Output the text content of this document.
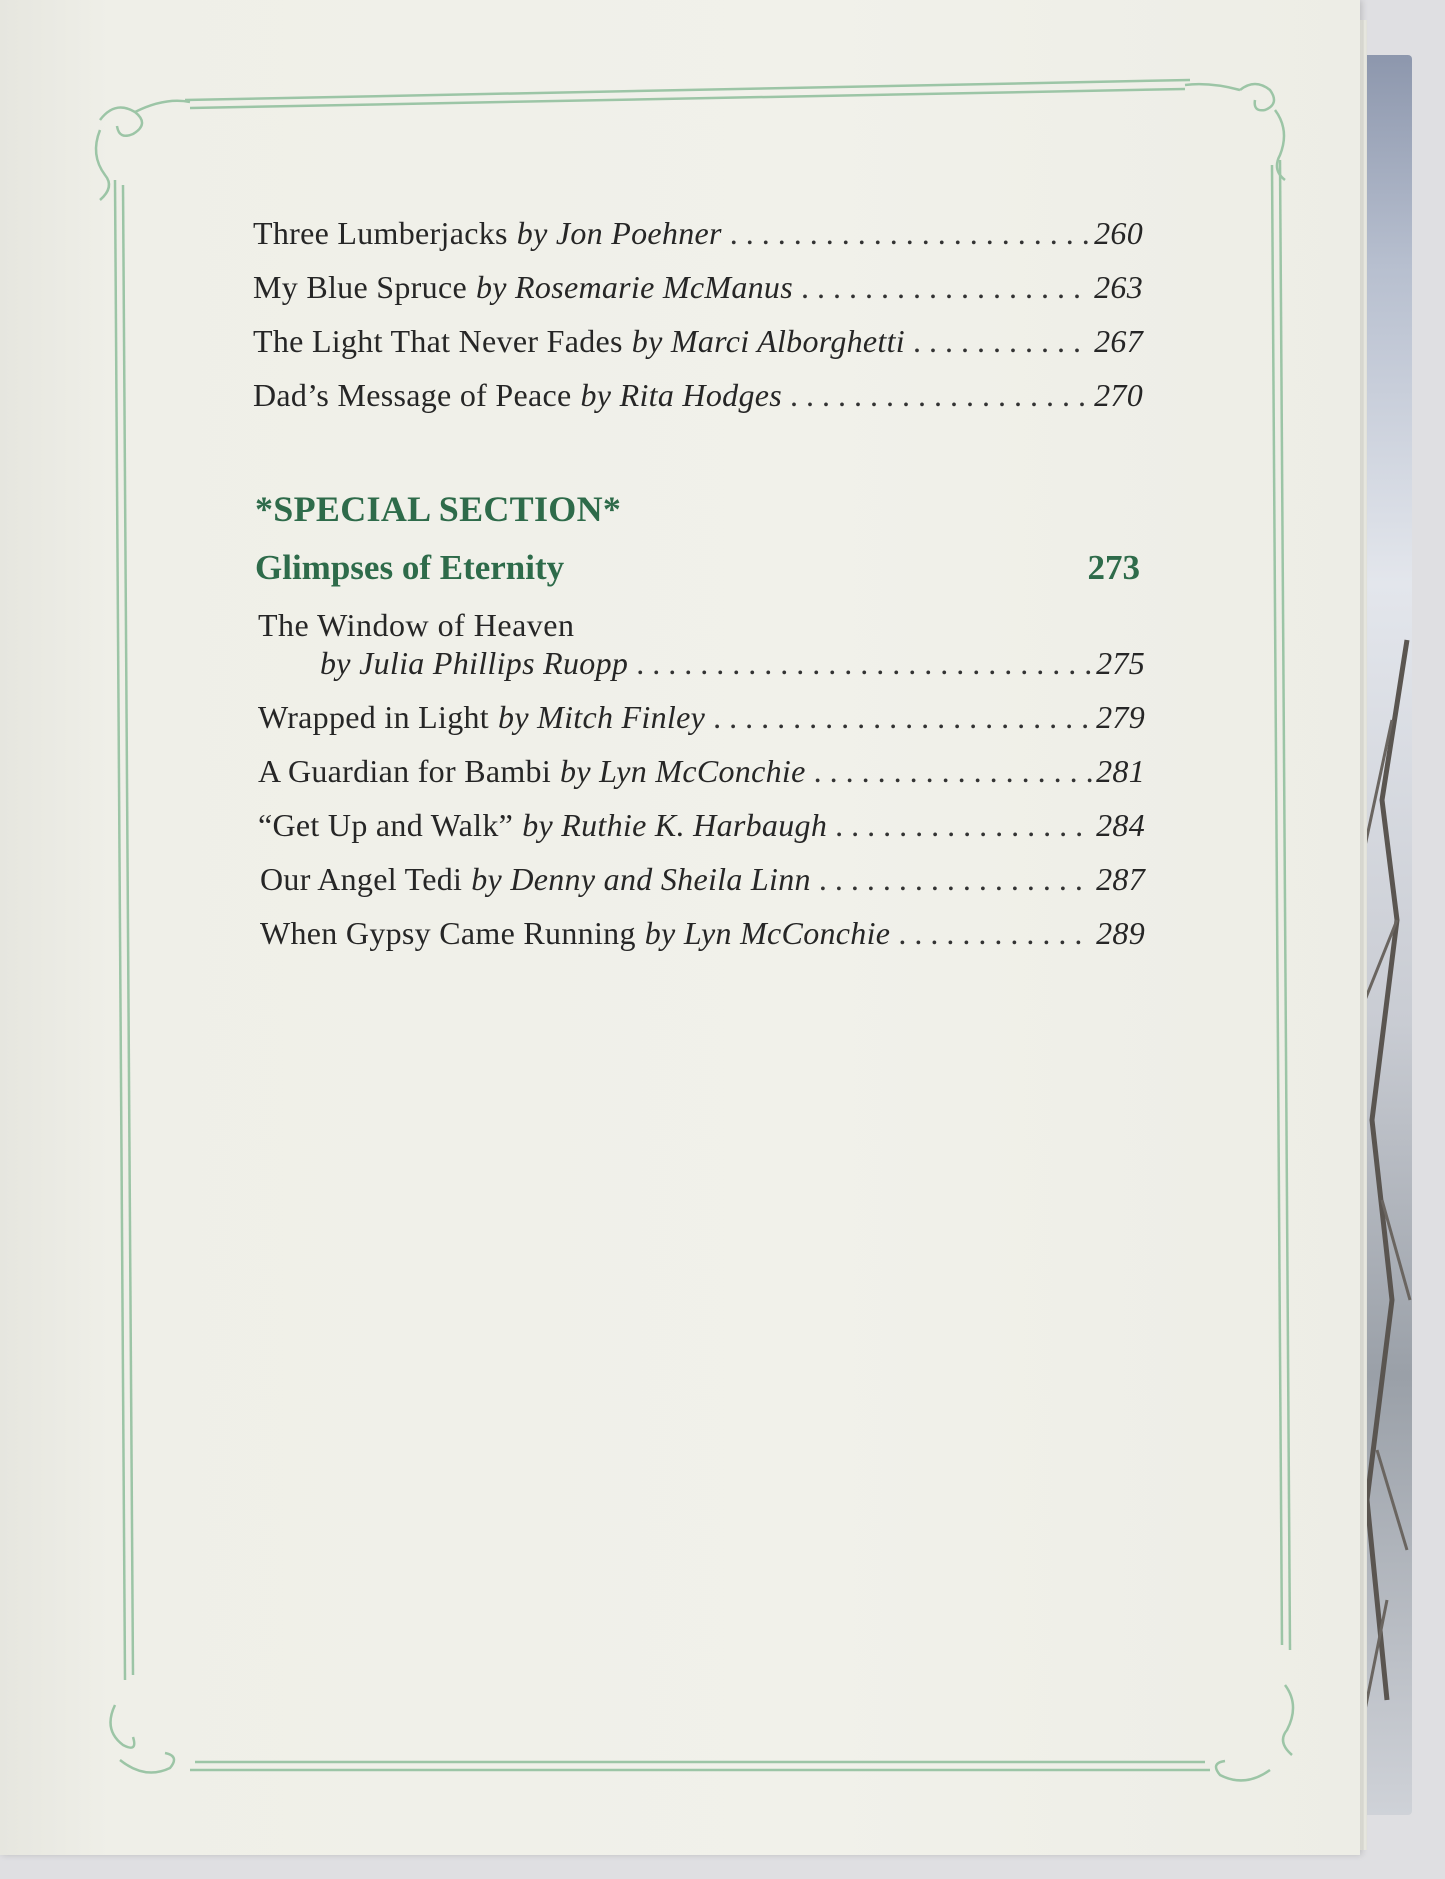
Three Lumberjacks by Jon Poehner . . .	260
My Blue Spruce by Rosemarie McManus . . .	263
The Light That Never Fades by Marci Alborghetti . . .	267
Dad’s Message of Peace by Rita Hodges . . .	270
*SPECIAL SECTION*
Glimpses of Eternity	273
The Window of Heaven
by Julia Phillips Ruopp . . .	275
Wrapped in Light by Mitch Finley . . .	279
A Guardian for Bambi by Lyn McConchie . . .	281
“Get Up and Walk” by Ruthie K. Harbaugh . . .	284
Our Angel Tedi by Denny and Sheila Linn . . .	287
When Gypsy Came Running by Lyn McConchie . . .	289
